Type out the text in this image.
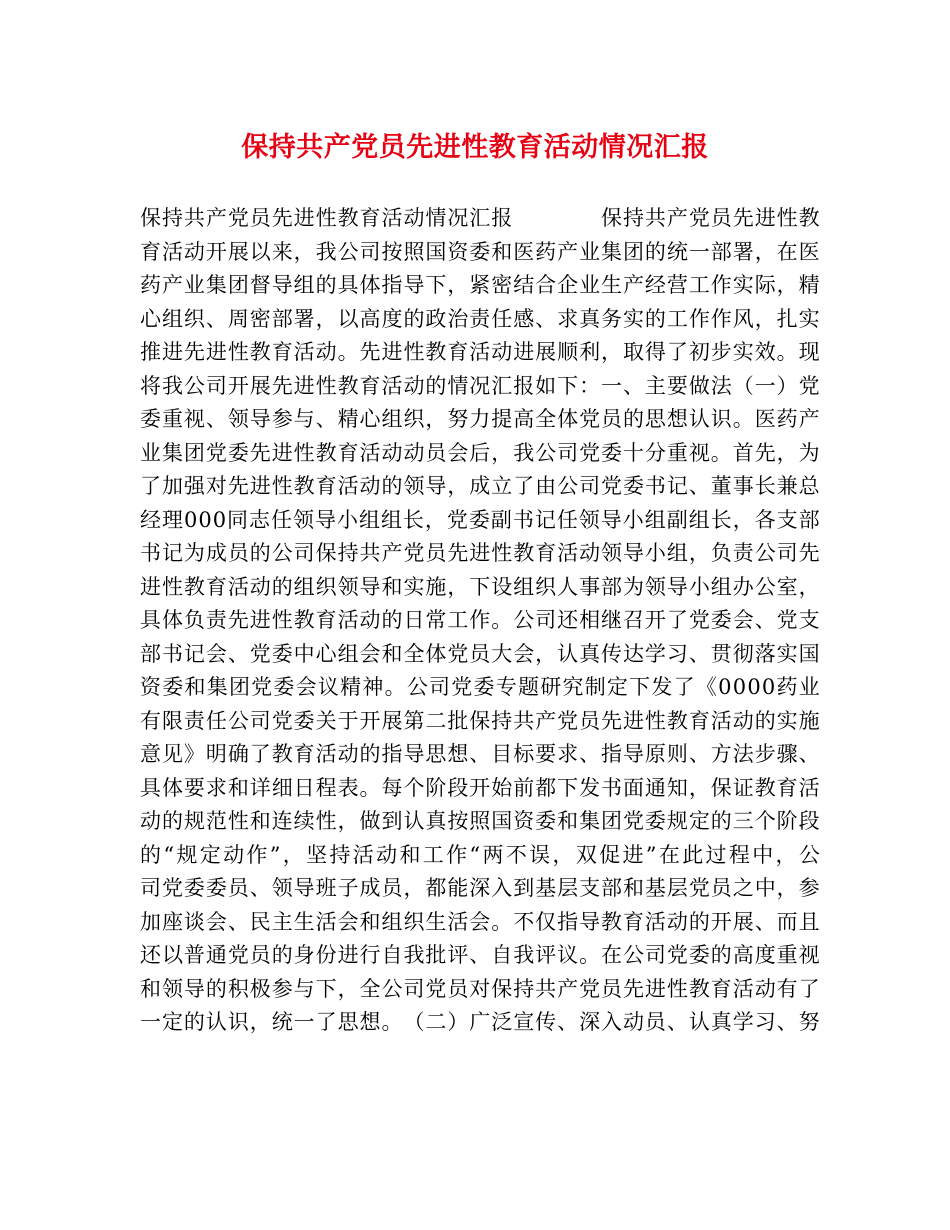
保持共产党员先进性教育活动情况汇报
保 持 共 产 党 员 先 进 性 教 育 活 动 情 况 汇 报

　	保 持 共 产 党 员 先 进 性 教
育 活 动 开 展 以 来 ， 我 公 司 按 照 国 资 委 和 医 药 产 业 集 团 的 统 一 部 署 ， 在 医
药 产 业 集 团 督 导 组 的 具 体 指 导 下 ， 紧 密 结 合 企 业 生 产 经 营 工 作 实 际 ， 精
心 组 织 、 周 密 部 署 ， 以 高 度 的 政 治 责 任 感 、 求 真 务 实 的 工 作 作 风 ， 扎 实
推 进 先 进 性 教 育 活 动 。 先 进 性 教 育 活 动 进 展 顺 利 ， 取 得 了 初 步 实 效 。 现
将 我 公 司 开 展 先 进 性 教 育 活 动 的 情 况 汇 报 如 下 ： 一 、 主 要 做 法 （ 一 ） 党
委 重 视 、 领 导 参 与 、 精 心 组 织 ， 努 力 提 高 全 体 党 员 的 思 想 认 识 。 医 药 产
业 集 团 党 委 先 进 性 教 育 活 动 动 员 会 后 ， 我 公 司 党 委 十 分 重 视 。 首 先 ， 为
了 加 强 对 先 进 性 教 育 活 动 的 领 导 ， 成 立 了 由 公 司 党 委 书 记 、 董 事 长 兼 总
经 理 0 0 0 同 志 任 领 导 小 组 组 长 ， 党 委 副 书 记 任 领 导 小 组 副 组 长 ， 各 支 部
书 记 为 成 员 的 公 司 保 持 共 产 党 员 先 进 性 教 育 活 动 领 导 小 组 ， 负 责 公 司 先
进 性 教 育 活 动 的 组 织 领 导 和 实 施 ， 下 设 组 织 人 事 部 为 领 导 小 组 办 公 室 ，
具 体 负 责 先 进 性 教 育 活 动 的 日 常 工 作 。 公 司 还 相 继 召 开 了 党 委 会 、 党 支
部 书 记 会 、 党 委 中 心 组 会 和 全 体 党 员 大 会 ， 认 真 传 达 学 习 、 贯 彻 落 实 国
资 委 和 集 团 党 委 会 议 精 神 。 公 司 党 委 专 题 研 究 制 定 下 发 了 《 0 0 0 0 药 业
有 限 责 任 公 司 党 委 关 于 开 展 第 二 批 保 持 共 产 党 员 先 进 性 教 育 活 动 的 实 施
意 见 》 明 确 了 教 育 活 动 的 指 导 思 想 、 目 标 要 求 、 指 导 原 则 、 方 法 步 骤 、
具 体 要 求 和 详 细 日 程 表 。 每 个 阶 段 开 始 前 都 下 发 书 面 通 知 ， 保 证 教 育 活
动 的 规 范 性 和 连 续 性 ， 做 到 认 真 按 照 国 资 委 和 集 团 党 委 规 定 的 三 个 阶 段
的 “ 规 定 动 作 ” ， 坚 持 活 动 和 工 作 “ 两 不 误 ， 双 促 进 ” 在 此 过 程 中 ， 公
司 党 委 委 员 、 领 导 班 子 成 员 ， 都 能 深 入 到 基 层 支 部 和 基 层 党 员 之 中 ， 参
加 座 谈 会 、 民 主 生 活 会 和 组 织 生 活 会 。 不 仅 指 导 教 育 活 动 的 开 展 、 而 且
还 以 普 通 党 员 的 身 份 进 行 自 我 批 评 、 自 我 评 议 。 在 公 司 党 委 的 高 度 重 视
和 领 导 的 积 极 参 与 下 ， 全 公 司 党 员 对 保 持 共 产 党 员 先 进 性 教 育 活 动 有 了
一 定 的 认 识 ， 统 一 了 思 想 。 （ 二 ） 广 泛 宣 传 、 深 入 动 员 、 认 真 学 习 、 努
